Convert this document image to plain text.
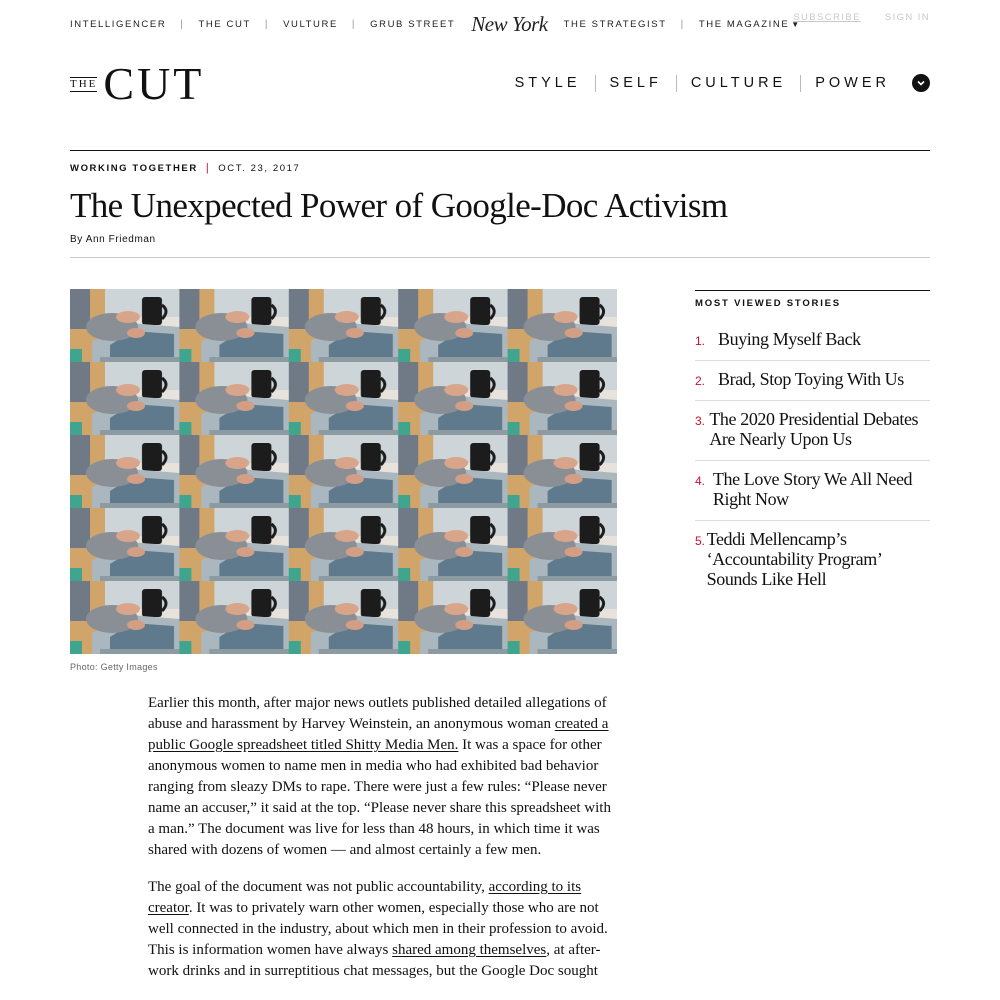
INTELLIGENCER | THE CUT | VULTURE | GRUB STREET New York THE STRATEGIST | THE MAGAZINE ▼
SUBSCRIBE	SIGN IN
THE CUT	STYLE	SELF	CULTURE	POWER
WORKING TOGETHER | OCT. 23, 2017
The Unexpected Power of Google-Doc Activism
By Ann Friedman
Photo: Getty Images

Earlier this month, after major news outlets published detailed allegations of abuse and harassment by Harvey Weinstein, an anonymous woman created a public Google spreadsheet titled Shitty Media Men. It was a space for other anonymous women to name men in media who had exhibited bad behavior ranging from sleazy DMs to rape. There were just a few rules: “Please never name an accuser,” it said at the top. “Please never share this spreadsheet with a man.” The document was live for less than 48 hours, in which time it was shared with dozens of women — and almost certainly a few men.

The goal of the document was not public accountability, according to its creator. It was to privately warn other women, especially those who are not well connected in the industry, about which men in their profession to avoid. This is information women have always shared among themselves, at after-work drinks and in surreptitious chat messages, but the Google Doc sought

MOST VIEWED STORIES
1. Buying Myself Back
2. Brad, Stop Toying With Us
3. The 2020 Presidential Debates Are Nearly Upon Us
4. The Love Story We All Need Right Now
5. Teddi Mellencamp’s ‘Accountability Program’ Sounds Like Hell
